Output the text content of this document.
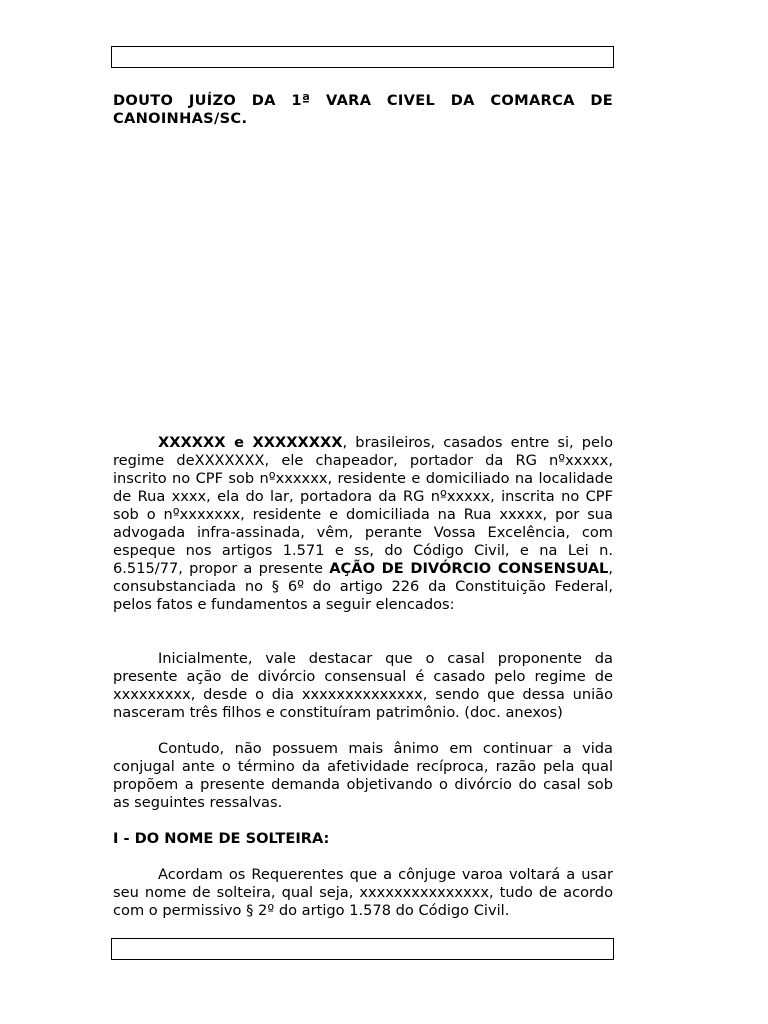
DOUTO JUÍZO DA 1ª VARA CIVEL DA COMARCA DE CANOINHAS/SC.

XXXXXX e XXXXXXXX, brasileiros, casados entre si, pelo regime deXXXXXXX, ele chapeador, portador da RG nºxxxxx, inscrito no CPF sob nºxxxxxx, residente e domiciliado na localidade de Rua xxxx, ela do lar, portadora da RG nºxxxxx, inscrita no CPF sob o nºxxxxxxx, residente e domiciliada na Rua xxxxx, por sua advogada infra-assinada, vêm, perante Vossa Excelência, com espeque nos artigos 1.571 e ss, do Código Civil, e na Lei n. 6.515/77, propor a presente AÇÃO DE DIVÓRCIO CONSENSUAL, consubstanciada no § 6º do artigo 226 da Constituição Federal, pelos fatos e fundamentos a seguir elencados:

Inicialmente, vale destacar que o casal proponente da presente ação de divórcio consensual é casado pelo regime de xxxxxxxxx, desde o dia xxxxxxxxxxxxxx, sendo que dessa união nasceram três filhos e constituíram patrimônio. (doc. anexos)

Contudo, não possuem mais ânimo em continuar a vida conjugal ante o término da afetividade recíproca, razão pela qual propõem a presente demanda objetivando o divórcio do casal sob as seguintes ressalvas.

I - DO NOME DE SOLTEIRA:

Acordam os Requerentes que a cônjuge varoa voltará a usar seu nome de solteira, qual seja, xxxxxxxxxxxxxxx, tudo de acordo com o permissivo § 2º do artigo 1.578 do Código Civil.
